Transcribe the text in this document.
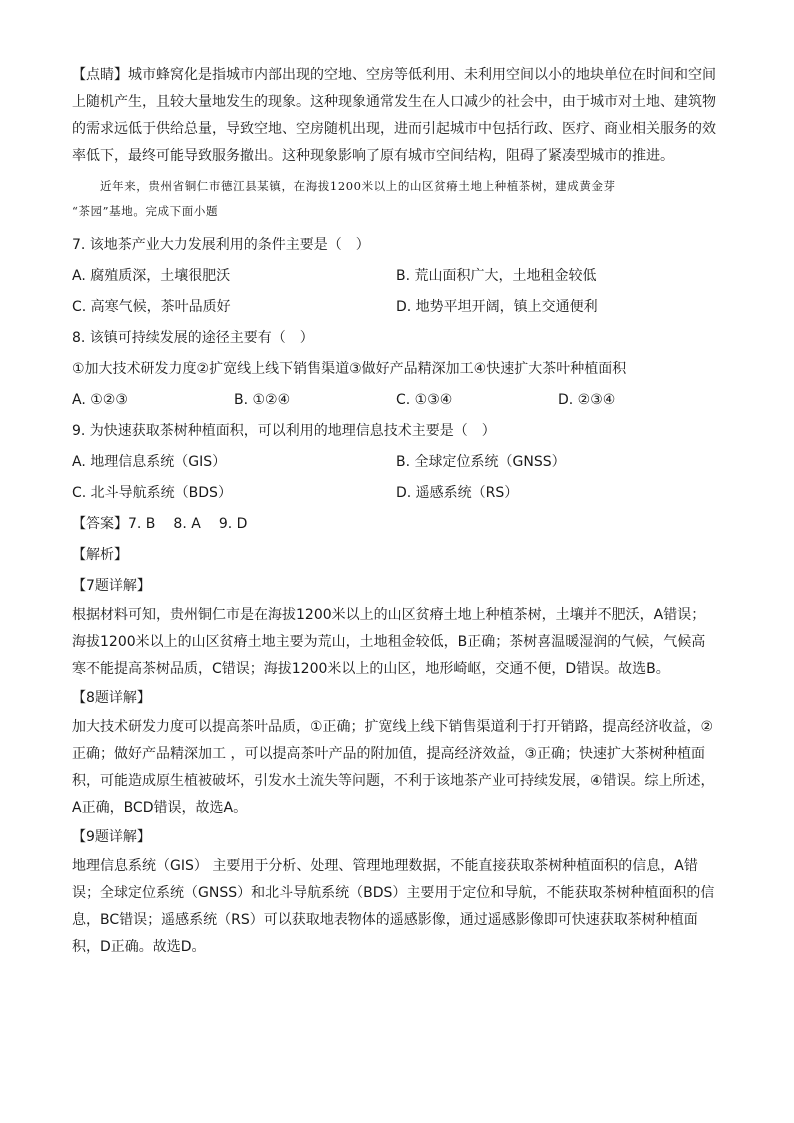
【点睛】城市蜂窝化是指城市内部出现的空地、空房等低利用、未利用空间以小的地块单位在时间和空间
上随机产生，且较大量地发生的现象。这种现象通常发生在人口减少的社会中，由于城市对土地、建筑物
的需求远低于供给总量，导致空地、空房随机出现，进而引起城市中包括行政、医疗、商业相关服务的效
率低下，最终可能导致服务撤出。这种现象影响了原有城市空间结构，阻碍了紧凑型城市的推进。
近年来，贵州省铜仁市德江县某镇，在海拔1200米以上的山区贫瘠土地上种植茶树，建成黄金芽
“茶园”基地。完成下面小题
7. 该地茶产业大力发展利用的条件主要是（　）
A. 腐殖质深，土壤很肥沃	B. 荒山面积广大，土地租金较低
C. 高寒气候，茶叶品质好	D. 地势平坦开阔，镇上交通便利
8. 该镇可持续发展的途径主要有（　）
①加大技术研发力度②扩宽线上线下销售渠道③做好产品精深加工④快速扩大茶叶种植面积
A. ①②③	B. ①②④	C. ①③④	D. ②③④
9. 为快速获取茶树种植面积，可以利用的地理信息技术主要是（　）
A. 地理信息系统（GIS）	B. 全球定位系统（GNSS）
C. 北斗导航系统（BDS）	D. 遥感系统（RS）
【答案】7. B 8. A 9. D
【解析】
【7题详解】
根据材料可知，贵州铜仁市是在海拔1200米以上的山区贫瘠土地上种植茶树，土壤并不肥沃，A错误；
海拔1200米以上的山区贫瘠土地主要为荒山，土地租金较低，B正确；茶树喜温暖湿润的气候，气候高
寒不能提高茶树品质，C错误；海拔1200米以上的山区，地形崎岖，交通不便，D错误。故选B。
【8题详解】
加大技术研发力度可以提高茶叶品质，①正确；扩宽线上线下销售渠道利于打开销路，提高经济收益，②
正确；做好产品精深加工 ，可以提高茶叶产品的附加值，提高经济效益，③正确；快速扩大茶树种植面
积，可能造成原生植被破坏，引发水土流失等问题，不利于该地茶产业可持续发展，④错误。综上所述，
A正确，BCD错误，故选A。
【9题详解】
地理信息系统（GIS） 主要用于分析、处理、管理地理数据，不能直接获取茶树种植面积的信息，A错
误；全球定位系统（GNSS）和北斗导航系统（BDS）主要用于定位和导航，不能获取茶树种植面积的信
息，BC错误；遥感系统（RS）可以获取地表物体的遥感影像，通过遥感影像即可快速获取茶树种植面
积，D正确。故选D。
